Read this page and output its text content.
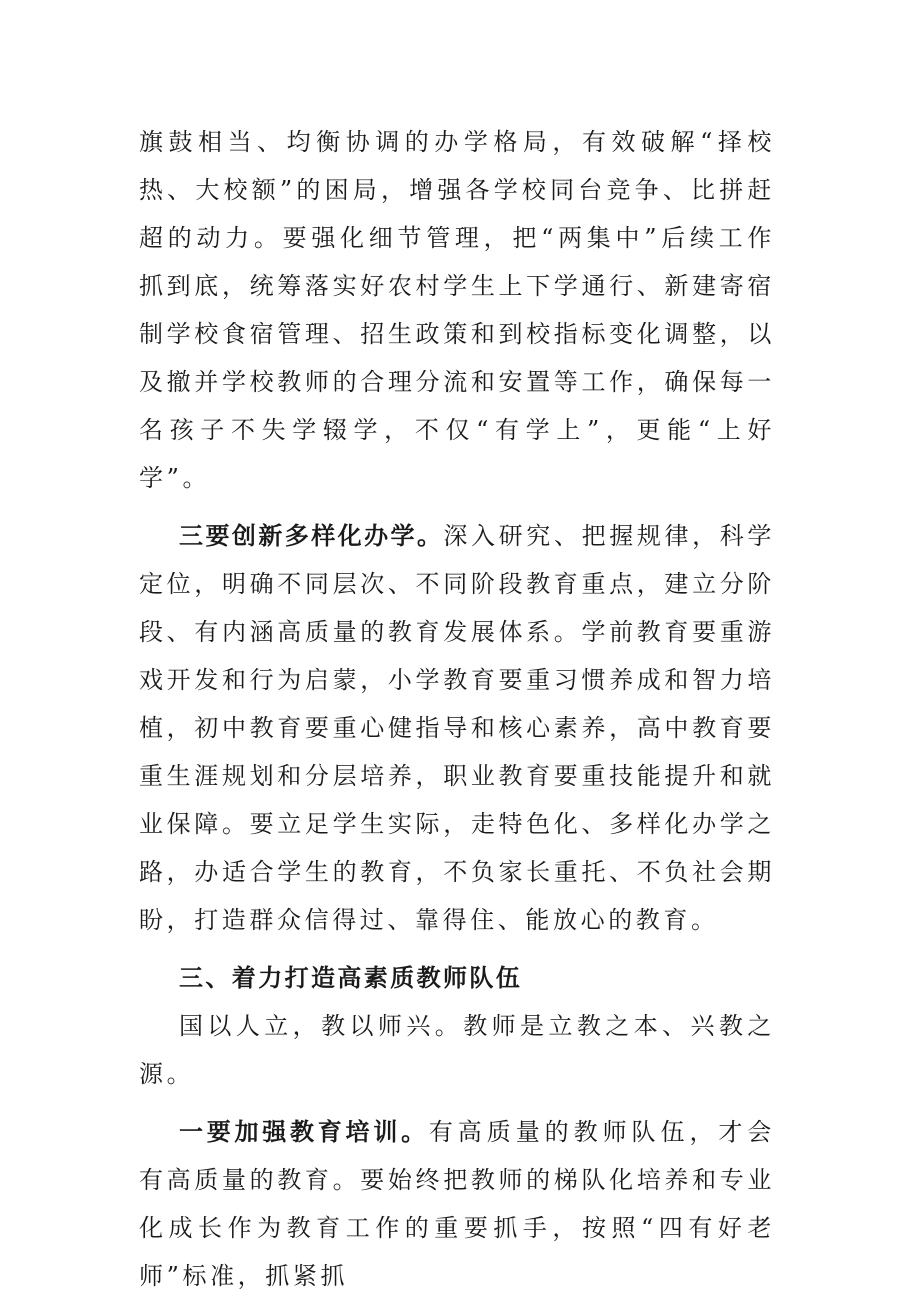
旗鼓相当、均衡协调的办学格局，有效破解“择校热、大校额”的困局，增强各学校同台竞争、比拼赶超的动力。要强化细节管理，把“两集中”后续工作抓到底，统筹落实好农村学生上下学通行、新建寄宿制学校食宿管理、招生政策和到校指标变化调整，以及撤并学校教师的合理分流和安置等工作，确保每一名孩子不失学辍学，不仅“有学上”，更能“上好学”。

三要创新多样化办学。深入研究、把握规律，科学定位，明确不同层次、不同阶段教育重点，建立分阶段、有内涵高质量的教育发展体系。学前教育要重游戏开发和行为启蒙，小学教育要重习惯养成和智力培植，初中教育要重心健指导和核心素养，高中教育要重生涯规划和分层培养，职业教育要重技能提升和就业保障。要立足学生实际，走特色化、多样化办学之路，办适合学生的教育，不负家长重托、不负社会期盼，打造群众信得过、靠得住、能放心的教育。

三、着力打造高素质教师队伍

国以人立，教以师兴。教师是立教之本、兴教之源。

一要加强教育培训。有高质量的教师队伍，才会有高质量的教育。要始终把教师的梯队化培养和专业化成长作为教育工作的重要抓手，按照“四有好老师”标准，抓紧抓
